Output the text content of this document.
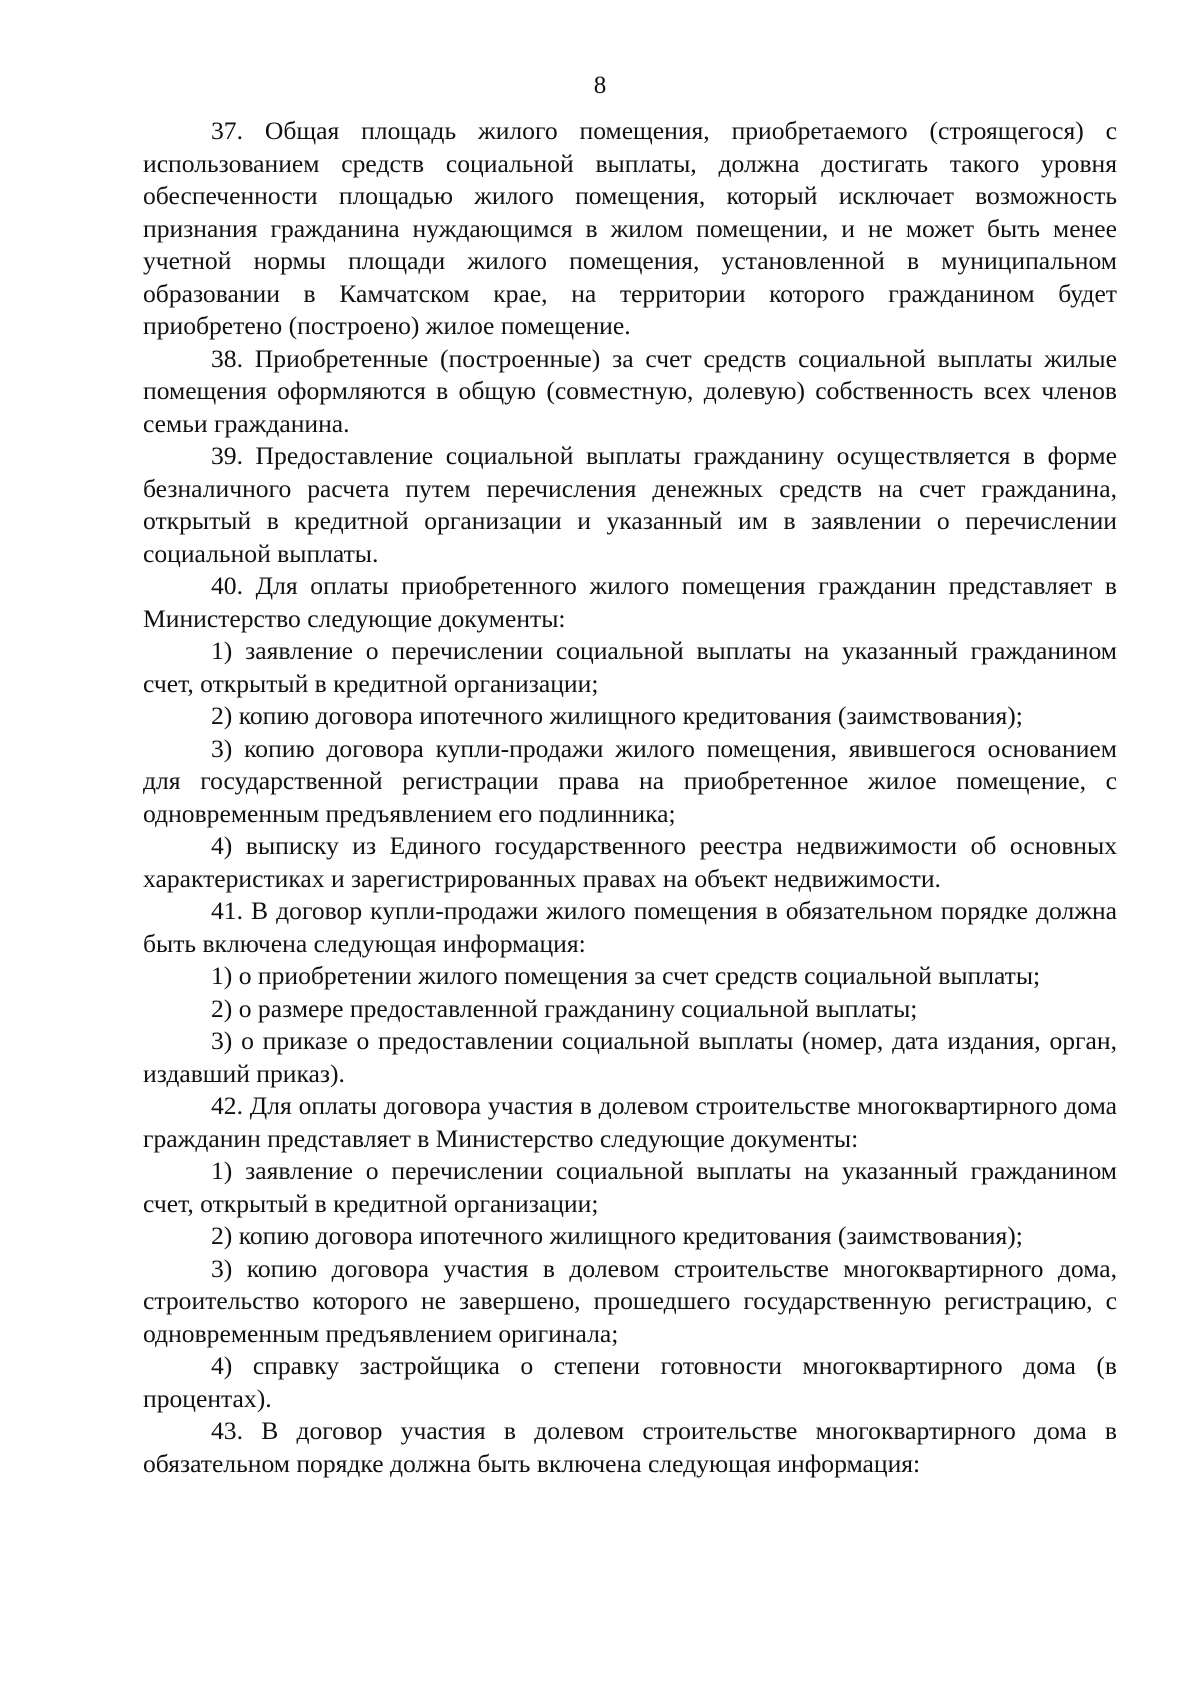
8

37. Общая площадь жилого помещения, приобретаемого (строящегося) с использованием средств социальной выплаты, должна достигать такого уровня обеспеченности площадью жилого помещения, который исключает возможность признания гражданина нуждающимся в жилом помещении, и не может быть менее учетной нормы площади жилого помещения, установленной в муниципальном образовании в Камчатском крае, на территории которого гражданином будет приобретено (построено) жилое помещение.

38. Приобретенные (построенные) за счет средств социальной выплаты жилые помещения оформляются в общую (совместную, долевую) собственность всех членов семьи гражданина.

39. Предоставление социальной выплаты гражданину осуществляется в форме безналичного расчета путем перечисления денежных средств на счет гражданина, открытый в кредитной организации и указанный им в заявлении о перечислении социальной выплаты.

40. Для оплаты приобретенного жилого помещения гражданин представляет в Министерство следующие документы:

1) заявление о перечислении социальной выплаты на указанный гражданином счет, открытый в кредитной организации;

2) копию договора ипотечного жилищного кредитования (заимствования);

3) копию договора купли-продажи жилого помещения, явившегося основанием для государственной регистрации права на приобретенное жилое помещение, с одновременным предъявлением его подлинника;

4) выписку из Единого государственного реестра недвижимости об основных характеристиках и зарегистрированных правах на объект недвижимости.

41. В договор купли-продажи жилого помещения в обязательном порядке должна быть включена следующая информация:

1) о приобретении жилого помещения за счет средств социальной выплаты;

2) о размере предоставленной гражданину социальной выплаты;

3) о приказе о предоставлении социальной выплаты (номер, дата издания, орган, издавший приказ).

42. Для оплаты договора участия в долевом строительстве многоквартирного дома гражданин представляет в Министерство следующие документы:

1) заявление о перечислении социальной выплаты на указанный гражданином счет, открытый в кредитной организации;

2) копию договора ипотечного жилищного кредитования (заимствования);

3) копию договора участия в долевом строительстве многоквартирного дома, строительство которого не завершено, прошедшего государственную регистрацию, с одновременным предъявлением оригинала;

4) справку застройщика о степени готовности многоквартирного дома (в процентах).

43. В договор участия в долевом строительстве многоквартирного дома в обязательном порядке должна быть включена следующая информация:
